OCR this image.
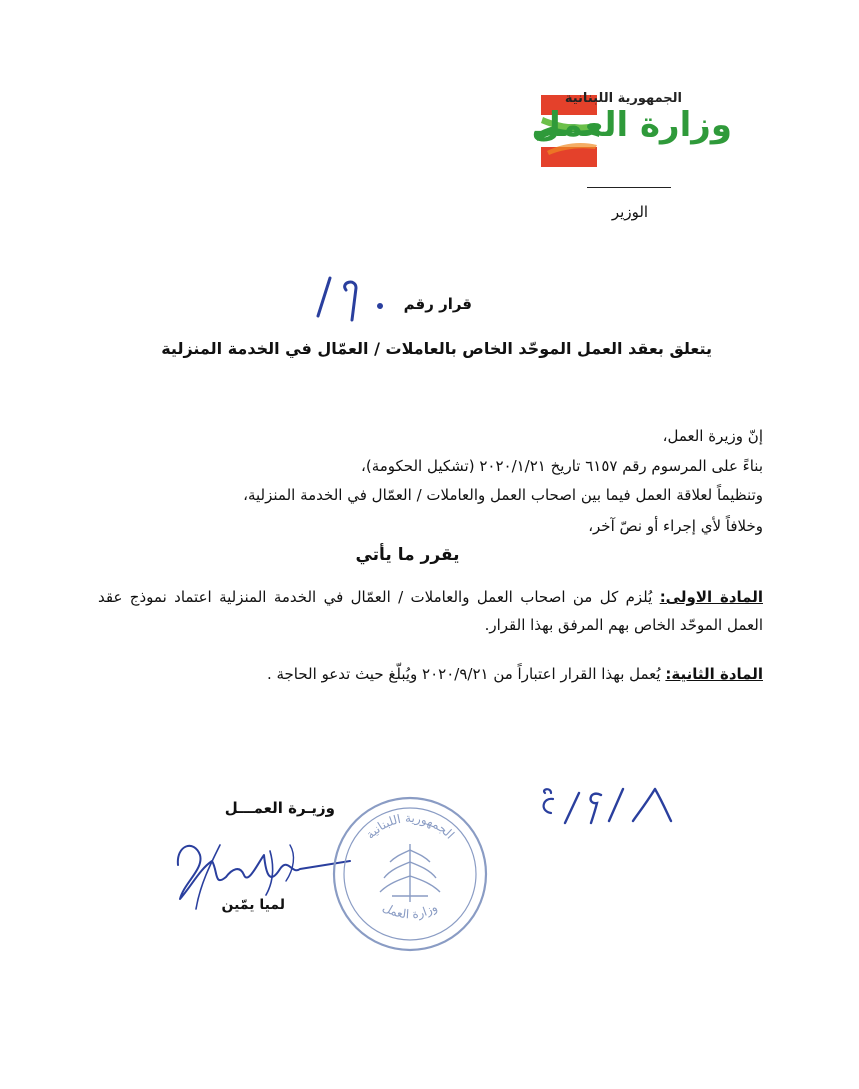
الجمهورية اللبنانية
وزارة العمل
الوزير
قرار رقم
١/٩٠
يتعلق بعقد العمل الموحّد الخاص بالعاملات / العمّال في الخدمة المنزلية
إنّ وزيرة العمل،
بناءً على المرسوم رقم ٦١٥٧ تاريخ ٢٠٢٠/١/٢١ (تشكيل الحكومة)،
وتنظيماً لعلاقة العمل فيما بين اصحاب العمل والعاملات / العمّال في الخدمة المنزلية،
وخلافاً لأي إجراء أو نصّ آخر،
يقرر ما يأتي
المادة الاولى: يُلزم كل من اصحاب العمل والعاملات / العمّال في الخدمة المنزلية اعتماد نموذج عقد العمل الموحّد الخاص بهم المرفق بهذا القرار.
المادة الثانية: يُعمل بهذا القرار اعتباراً من ٢٠٢٠/٩/٢١ ويُبلّغ حيث تدعو الحاجة .
٨/٩/٢٠
وزيـرة العمـــل
لميا يمّين
الجمهورية اللبنانية
وزارة العمل
